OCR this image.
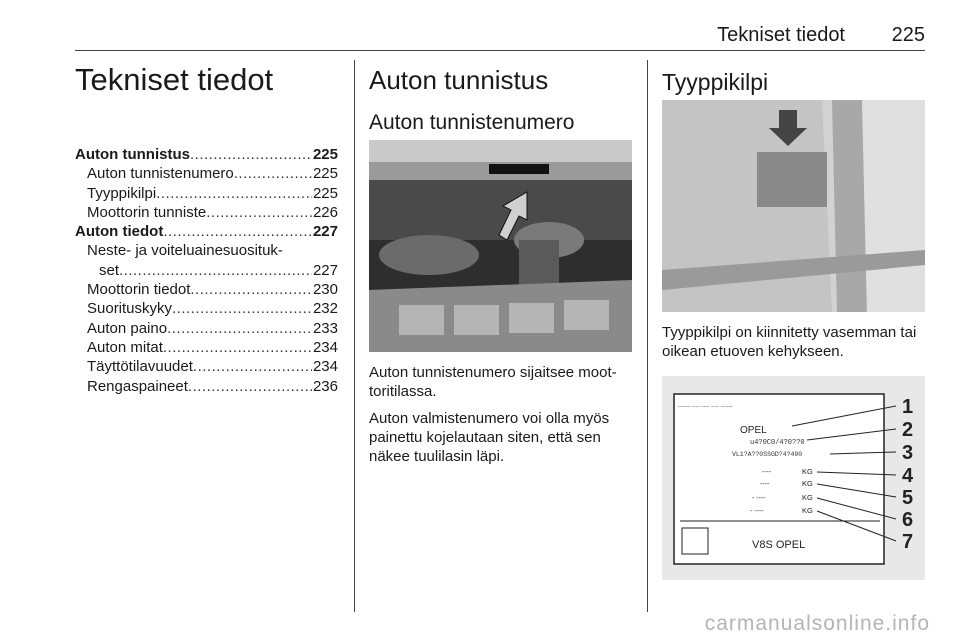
Tekniset tiedot 225
Tekniset tiedot
Auton tunnistus .....	225
Auton tunnistenumero .....	225
Tyyppikilpi .....	225
Moottorin tunniste .....	226
Auton tiedot .....	227
Neste- ja voiteluainesuosituk-
set .....	227
Moottorin tiedot .....	230
Suorituskyky .....	232
Auton paino .....	233
Auton mitat .....	234
Täyttötilavuudet .....	234
Rengaspaineet .....	236
Auton tunnistus
Auton tunnistenumero

Auton tunnistenumero sijaitsee moot-toritilassa.

Auton valmistenumero voi olla myös painettu kojelautaan siten, että sen näkee tuulilasin läpi.

Tyyppikilpi

Tyyppikilpi on kiinnitetty vasemman tai oikean etuoven kehykseen.

------ ---- ---- ---- ------
OPEL
u4?0C0/4?0??0
VL1?A??0SSGD?4?490
----
----
- ----
- ----
KG
KG
KG
KG
V8S OPEL
1
2
3
4
5
6
7
carmanualsonline.info
